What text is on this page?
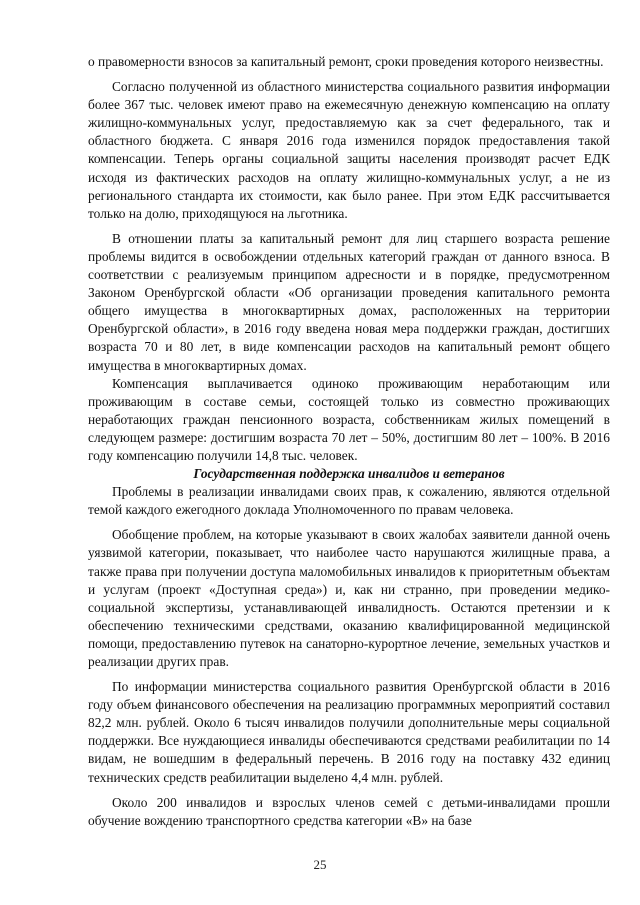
о правомерности взносов за капитальный ремонт, сроки проведения которого неизвестны.

Согласно полученной из областного министерства социального развития информации более 367 тыс. человек имеют право на ежемесячную денежную компенсацию на оплату жилищно-коммунальных услуг, предоставляемую как за счет федерального, так и областного бюджета. С января 2016 года изменился порядок предоставления такой компенсации. Теперь органы социальной защиты населения производят расчет ЕДК исходя из фактических расходов на оплату жилищно-коммунальных услуг, а не из регионального стандарта их стоимости, как было ранее. При этом ЕДК рассчитывается только на долю, приходящуюся на льготника.

В отношении платы за капитальный ремонт для лиц старшего возраста решение проблемы видится в освобождении отдельных категорий граждан от данного взноса. В соответствии с реализуемым принципом адресности и в порядке, предусмотренном Законом Оренбургской области «Об организации проведения капитального ремонта общего имущества в многоквартирных домах, расположенных на территории Оренбургской области», в 2016 году введена новая мера поддержки граждан, достигших возраста 70 и 80 лет, в виде компенсации расходов на капитальный ремонт общего имущества в многоквартирных домах.

Компенсация выплачивается одиноко проживающим неработающим или проживающим в составе семьи, состоящей только из совместно проживающих неработающих граждан пенсионного возраста, собственникам жилых помещений в следующем размере: достигшим возраста 70 лет – 50%, достигшим 80 лет – 100%. В 2016 году компенсацию получили 14,8 тыс. человек.

Государственная поддержка инвалидов и ветеранов

Проблемы в реализации инвалидами своих прав, к сожалению, являются отдельной темой каждого ежегодного доклада Уполномоченного по правам человека.

Обобщение проблем, на которые указывают в своих жалобах заявители данной очень уязвимой категории, показывает, что наиболее часто нарушаются жилищные права, а также права при получении доступа маломобильных инвалидов к приоритетным объектам и услугам (проект «Доступная среда») и, как ни странно, при проведении медико-социальной экспертизы, устанавливающей инвалидность. Остаются претензии и к обеспечению техническими средствами, оказанию квалифицированной медицинской помощи, предоставлению путевок на санаторно-курортное лечение, земельных участков и реализации других прав.

По информации министерства социального развития Оренбургской области в 2016 году объем финансового обеспечения на реализацию программных мероприятий составил 82,2 млн. рублей. Около 6 тысяч инвалидов получили дополнительные меры социальной поддержки. Все нуждающиеся инвалиды обеспечиваются средствами реабилитации по 14 видам, не вошедшим в федеральный перечень. В 2016 году на поставку 432 единиц технических средств реабилитации выделено 4,4 млн. рублей.

Около 200 инвалидов и взрослых членов семей с детьми-инвалидами прошли обучение вождению транспортного средства категории «В» на базе

25
